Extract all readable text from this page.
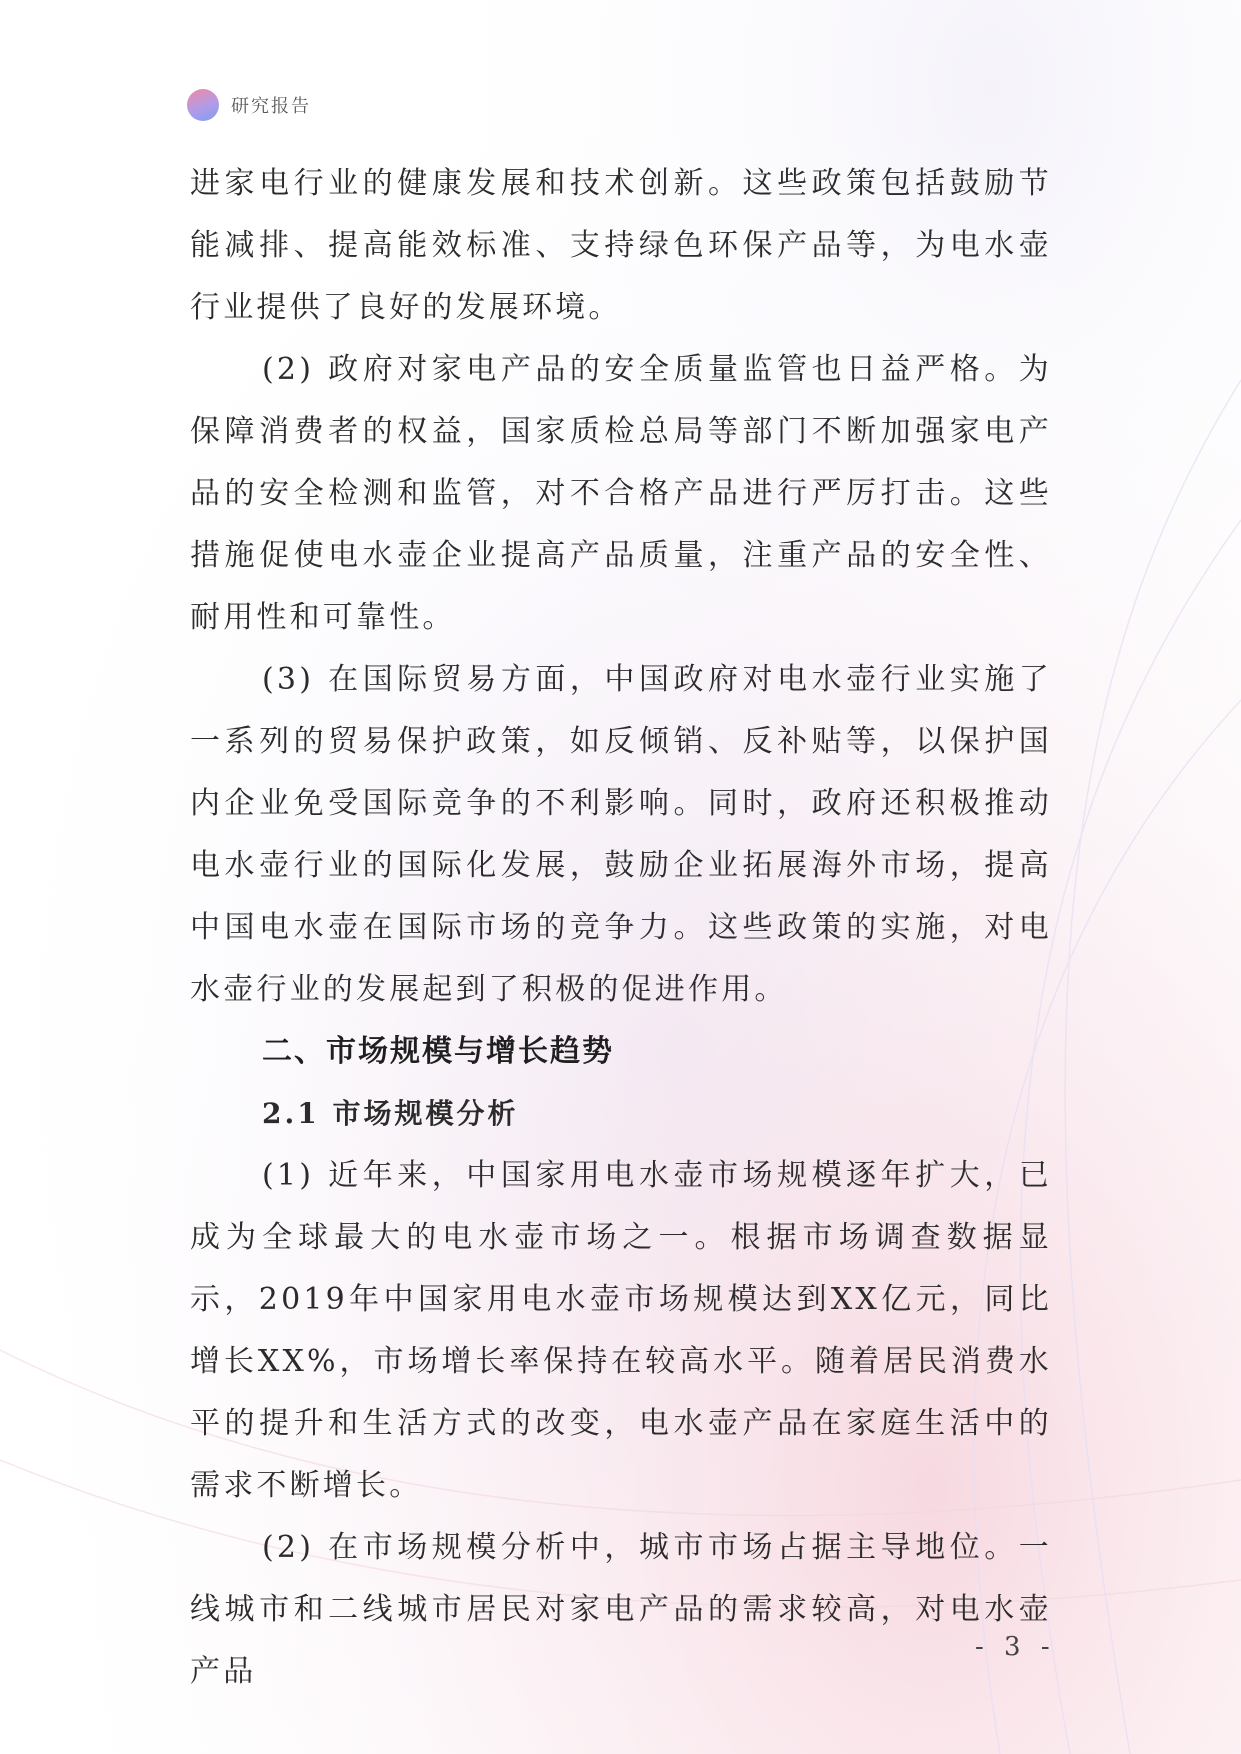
研究报告

进家电行业的健康发展和技术创新。这些政策包括鼓励节能减排、提高能效标准、支持绿色环保产品等，为电水壶行业提供了良好的发展环境。

(2) 政府对家电产品的安全质量监管也日益严格。为保障消费者的权益，国家质检总局等部门不断加强家电产品的安全检测和监管，对不合格产品进行严厉打击。这些措施促使电水壶企业提高产品质量，注重产品的安全性、耐用性和可靠性。

(3) 在国际贸易方面，中国政府对电水壶行业实施了一系列的贸易保护政策，如反倾销、反补贴等，以保护国内企业免受国际竞争的不利影响。同时，政府还积极推动电水壶行业的国际化发展，鼓励企业拓展海外市场，提高中国电水壶在国际市场的竞争力。这些政策的实施，对电水壶行业的发展起到了积极的促进作用。

二、市场规模与增长趋势
2.1 市场规模分析

(1) 近年来，中国家用电水壶市场规模逐年扩大，已成为全球最大的电水壶市场之一。根据市场调查数据显示，2019年中国家用电水壶市场规模达到XX亿元，同比增长XX%，市场增长率保持在较高水平。随着居民消费水平的提升和生活方式的改变，电水壶产品在家庭生活中的需求不断增长。

(2) 在市场规模分析中，城市市场占据主导地位。一线城市和二线城市居民对家电产品的需求较高，对电水壶产品

- 3 -
